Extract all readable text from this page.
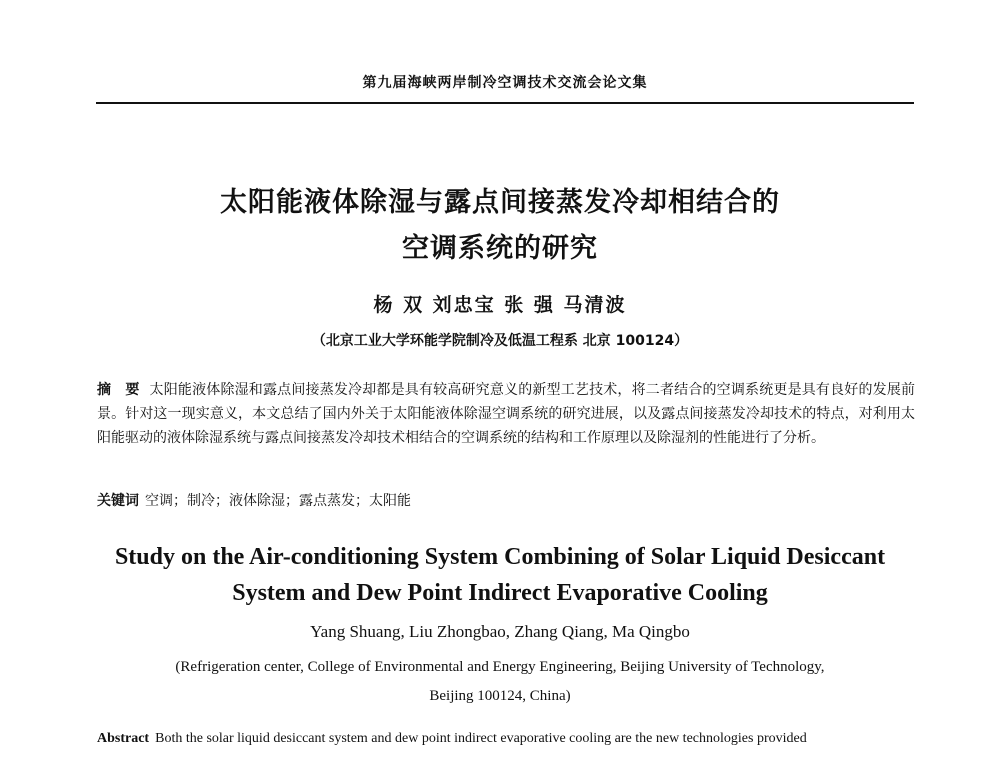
第九届海峡两岸制冷空调技术交流会论文集
太阳能液体除湿与露点间接蒸发冷却相结合的
空调系统的研究
杨 双 刘忠宝 张 强 马清波
（北京工业大学环能学院制冷及低温工程系 北京 100124）
摘　要 太阳能液体除湿和露点间接蒸发冷却都是具有较高研究意义的新型工艺技术，将二者结合的空调系统更是具有良好的发展前景。针对这一现实意义，本文总结了国内外关于太阳能液体除湿空调系统的研究进展，以及露点间接蒸发冷却技术的特点，对利用太阳能驱动的液体除湿系统与露点间接蒸发冷却技术相结合的空调系统的结构和工作原理以及除湿剂的性能进行了分析。
关键词 空调；制冷；液体除湿；露点蒸发；太阳能
Study on the Air-conditioning System Combining of Solar Liquid Desiccant
System and Dew Point Indirect Evaporative Cooling
Yang Shuang, Liu Zhongbao, Zhang Qiang, Ma Qingbo
(Refrigeration center, College of Environmental and Energy Engineering, Beijing University of Technology,
Beijing 100124, China)
Abstract Both the solar liquid desiccant system and dew point indirect evaporative cooling are the new technologies provided
